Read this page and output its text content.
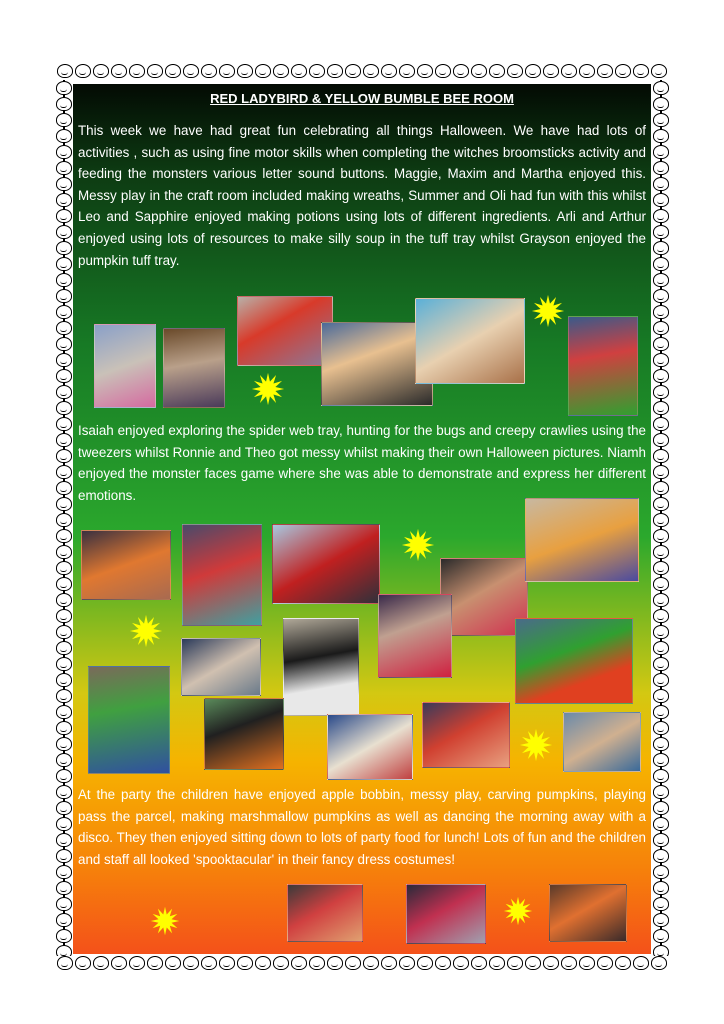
RED LADYBIRD & YELLOW BUMBLE BEE ROOM

This week we have had great fun celebrating all things Halloween. We have had lots of activities , such as using fine motor skills when completing the witches broomsticks activity and feeding the monsters various letter sound buttons. Maggie, Maxim and Martha enjoyed this. Messy play in the craft room included making wreaths, Summer and Oli had fun with this whilst Leo and Sapphire enjoyed making potions using lots of different ingredients. Arli and Arthur enjoyed using lots of resources to make silly soup in the tuff tray whilst Grayson enjoyed the pumpkin tuff tray.

Isaiah enjoyed exploring the spider web tray, hunting for the bugs and creepy crawlies using the tweezers whilst Ronnie and Theo got messy whilst making their own Halloween pictures. Niamh enjoyed the monster faces game where she was able to demonstrate and express her different emotions.

At the party the children have enjoyed apple bobbin, messy play, carving pumpkins, playing pass the parcel, making marshmallow pumpkins as well as dancing the morning away with a disco. They then enjoyed sitting down to lots of party food for lunch! Lots of fun and the children and staff all looked 'spooktacular' in their fancy dress costumes!
